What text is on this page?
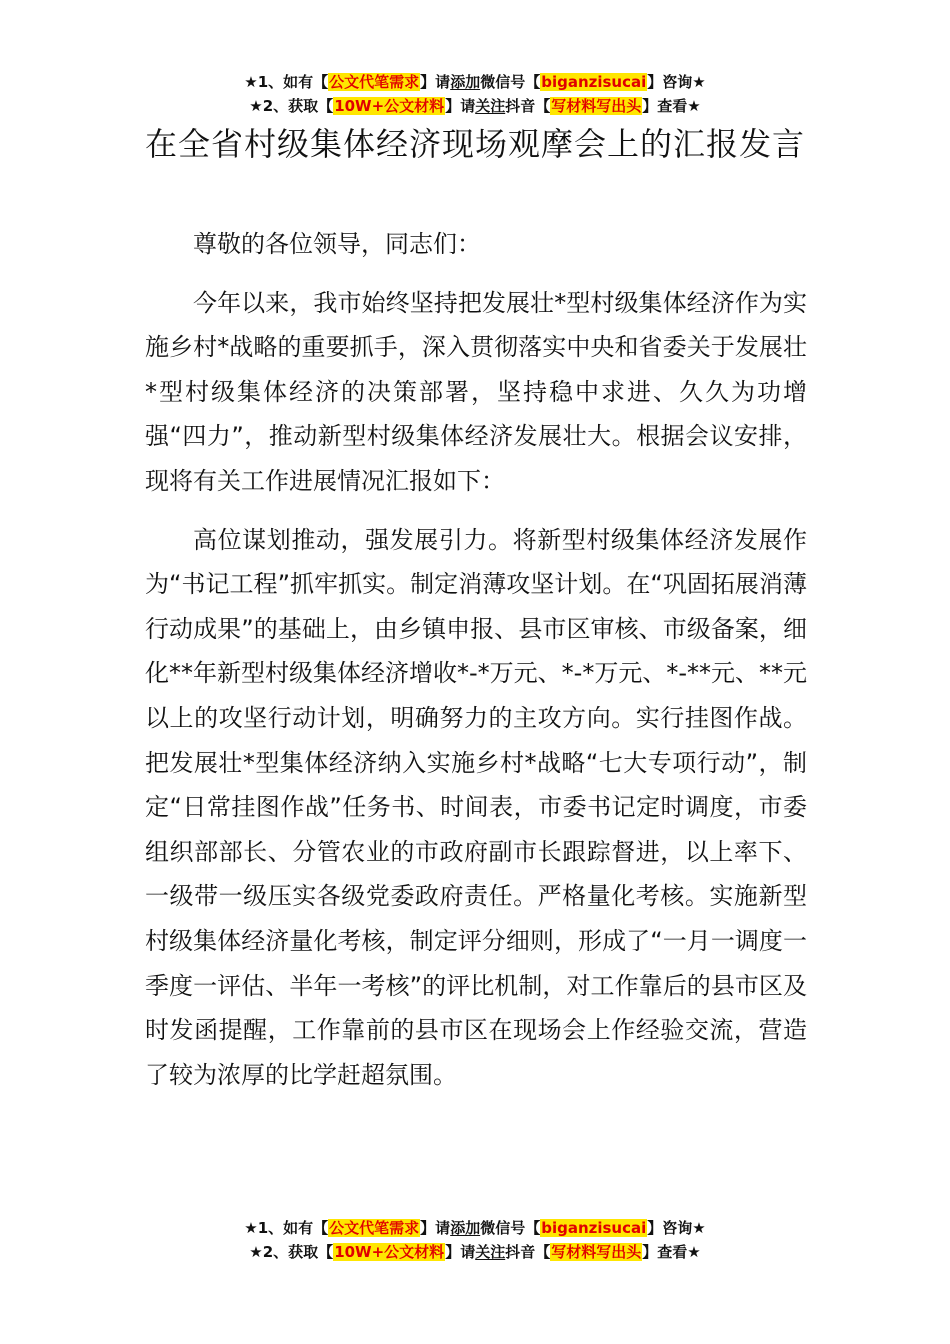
★1、如有【公文代笔需求】请添加微信号【biganzisucai】咨询★
★2、获取【10W+公文材料】请关注抖音【写材料写出头】查看★
在全省村级集体经济现场观摩会上的汇报发言

尊敬的各位领导，同志们：

今年以来，我市始终坚持把发展壮*型村级集体经济作为实施乡村*战略的重要抓手，深入贯彻落实中央和省委关于发展壮*型村级集体经济的决策部署，坚持稳中求进、久久为功增强“四力”，推动新型村级集体经济发展壮大。根据会议安排，现将有关工作进展情况汇报如下：

高位谋划推动，强发展引力。将新型村级集体经济发展作为“书记工程”抓牢抓实。制定消薄攻坚计划。在“巩固拓展消薄行动成果”的基础上，由乡镇申报、县市区审核、市级备案，细化**年新型村级集体经济增收*-*万元、*-*万元、*-**元、**元以上的攻坚行动计划，明确努力的主攻方向。实行挂图作战。把发展壮*型集体经济纳入实施乡村*战略“七大专项行动”，制定“日常挂图作战”任务书、时间表，市委书记定时调度，市委组织部部长、分管农业的市政府副市长跟踪督进，以上率下、一级带一级压实各级党委政府责任。严格量化考核。实施新型村级集体经济量化考核，制定评分细则，形成了“一月一调度一季度一评估、半年一考核”的评比机制，对工作靠后的县市区及时发函提醒，工作靠前的县市区在现场会上作经验交流，营造了较为浓厚的比学赶超氛围。

★1、如有【公文代笔需求】请添加微信号【biganzisucai】咨询★
★2、获取【10W+公文材料】请关注抖音【写材料写出头】查看★
